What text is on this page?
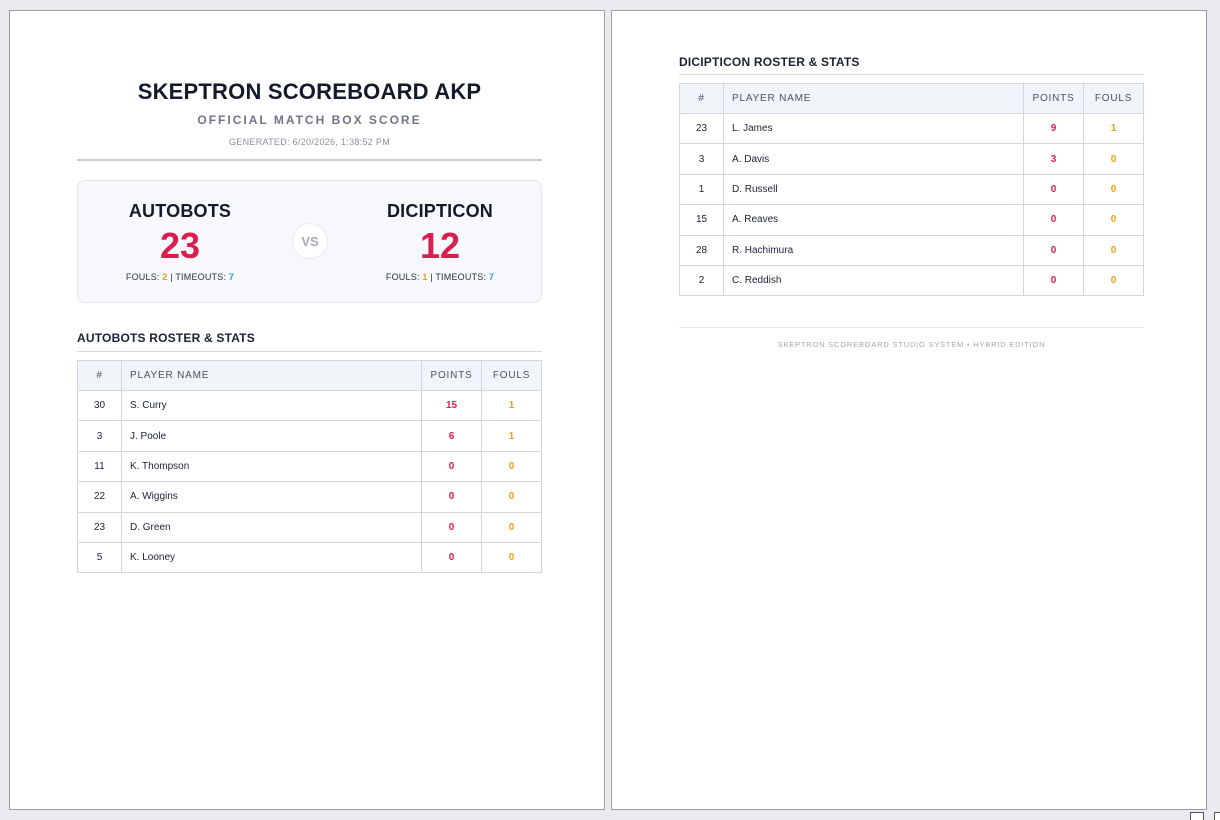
SKEPTRON SCOREBOARD AKP
OFFICIAL MATCH BOX SCORE
GENERATED: 6/20/2026, 1:38:52 PM
AUTOBOTS
23
FOULS: 2 | TIMEOUTS: 7
VS
DICIPTICON
12
FOULS: 1 | TIMEOUTS: 7
AUTOBOTS ROSTER & STATS
#	PLAYER NAME	POINTS	FOULS
30	S. Curry	15	1
3	J. Poole	6	1
11	K. Thompson	0	0
22	A. Wiggins	0	0
23	D. Green	0	0
5	K. Looney	0	0
DICIPTICON ROSTER & STATS
#	PLAYER NAME	POINTS	FOULS
23	L. James	9	1
3	A. Davis	3	0
1	D. Russell	0	0
15	A. Reaves	0	0
28	R. Hachimura	0	0
2	C. Reddish	0	0
SKEPTRON SCOREBOARD STUDIO SYSTEM • HYBRID EDITION
